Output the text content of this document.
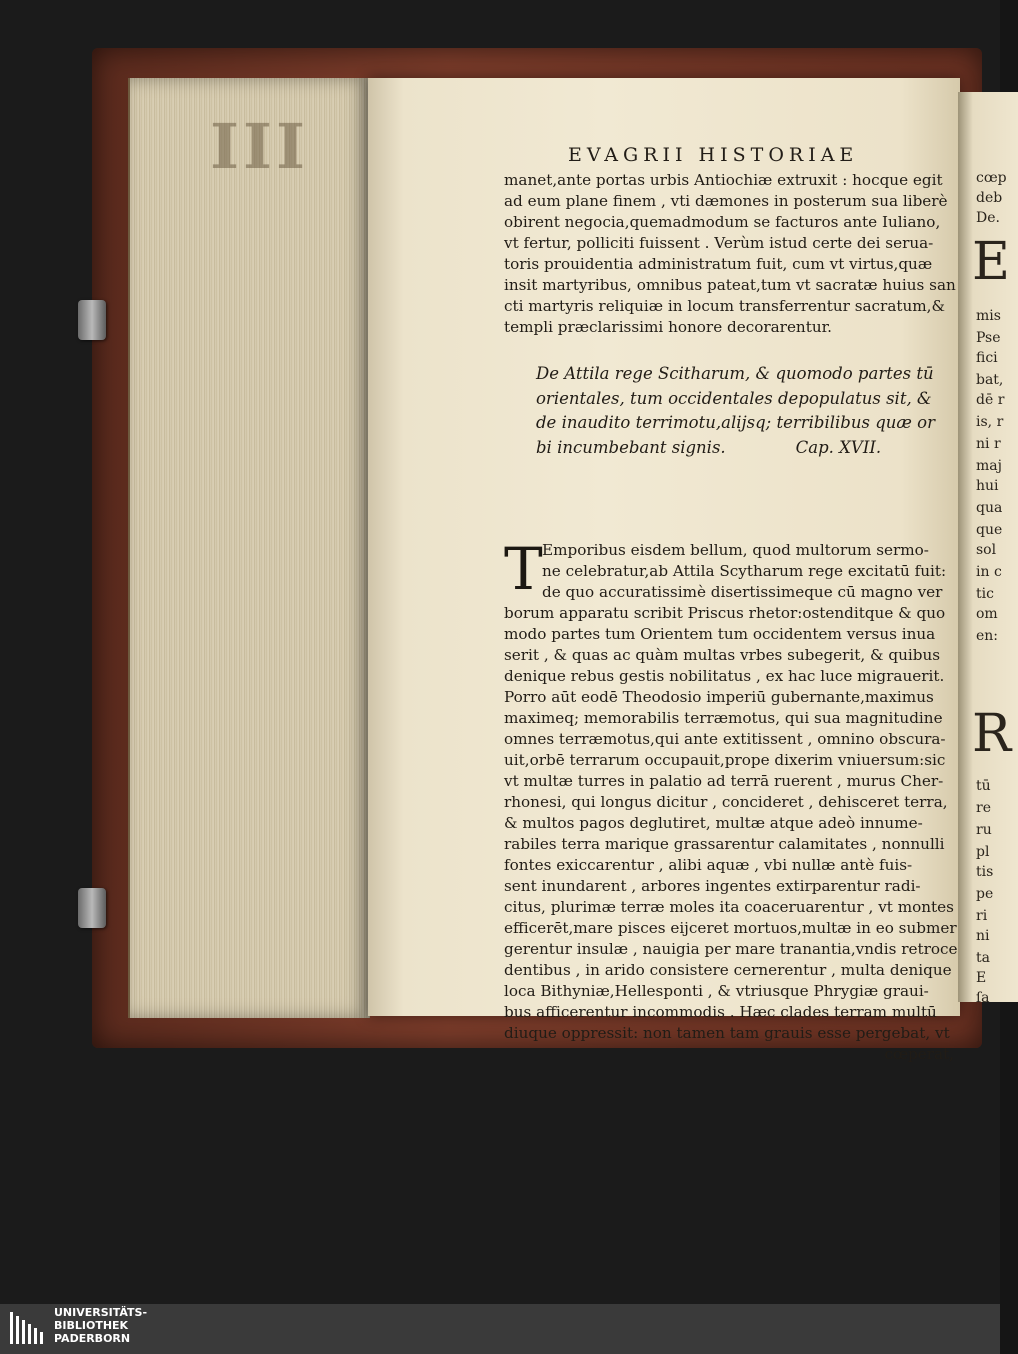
III	cœp
deb
De.
E
mis
Pse
fici
bat,
dē r
is, r
ni r
maj
hui
qua
que
sol
in c
tic
om
en:
R
tū
re
ru
pl
tis
pe
ri
ni
ta
E
ſa
EVAGRII HISTORIAE
manet,ante portas urbis Antiochiæ extruxit : hocque egit
ad eum plane finem , vti dæmones in posterum sua liberè
obirent negocia,quemadmodum se facturos ante Iuliano,
vt fertur, polliciti fuissent . Verùm istud certe dei serua-
toris prouidentia administratum fuit, cum vt virtus,quæ
insit martyribus, omnibus pateat,tum vt sacratæ huius san
cti martyris reliquiæ in locum transferrentur sacratum,&
templi præclarissimi honore decorarentur.
De Attila rege Scitharum, & quomodo partes tū
orientales, tum occidentales depopulatus sit, &
de inaudito terrimotu,alijsq; terribilibus quæ or
bi incumbebant signis.	Cap. XVII.
T Emporibus eisdem bellum, quod multorum sermo-
ne celebratur,ab Attila Scytharum rege excitatū fuit:
de quo accuratissimè disertissimeque cū magno ver
borum apparatu scribit Priscus rhetor:ostenditque & quo
modo partes tum Orientem tum occidentem versus inua
serit , & quas ac quàm multas vrbes subegerit, & quibus
denique rebus gestis nobilitatus , ex hac luce migrauerit.
Porro aūt eodē Theodosio imperiū gubernante,maximus
maximeq; memorabilis terræmotus, qui sua magnitudine
omnes terræmotus,qui ante extitissent , omnino obscura-
uit,orbē terrarum occupauit,prope dixerim vniuersum:sic
vt multæ turres in palatio ad terrā ruerent , murus Cher-
rhonesi, qui longus dicitur , concideret , dehisceret terra,
& multos pagos deglutiret, multæ atque adeò innume-
rabiles terra marique grassarentur calamitates , nonnulli
fontes exiccarentur , alibi aquæ , vbi nullæ antè fuis-
sent inundarent , arbores ingentes extirparentur radi-
citus, plurimæ terræ moles ita coaceruarentur , vt montes
efficerēt,mare pisces eijceret mortuos,multæ in eo submer
gerentur insulæ , nauigia per mare tranantia,vndis retroce
dentibus , in arido consistere cernerentur , multa denique
loca Bithyniæ,Hellesponti , & vtriusque Phrygiæ graui-
bus afficerentur incommodis . Hæc clades terram multū
diuque oppressit: non tamen tam grauis esse pergebat, vt
cœperat,
UNIVERSITÄTS-
BIBLIOTHEK
PADERBORN
